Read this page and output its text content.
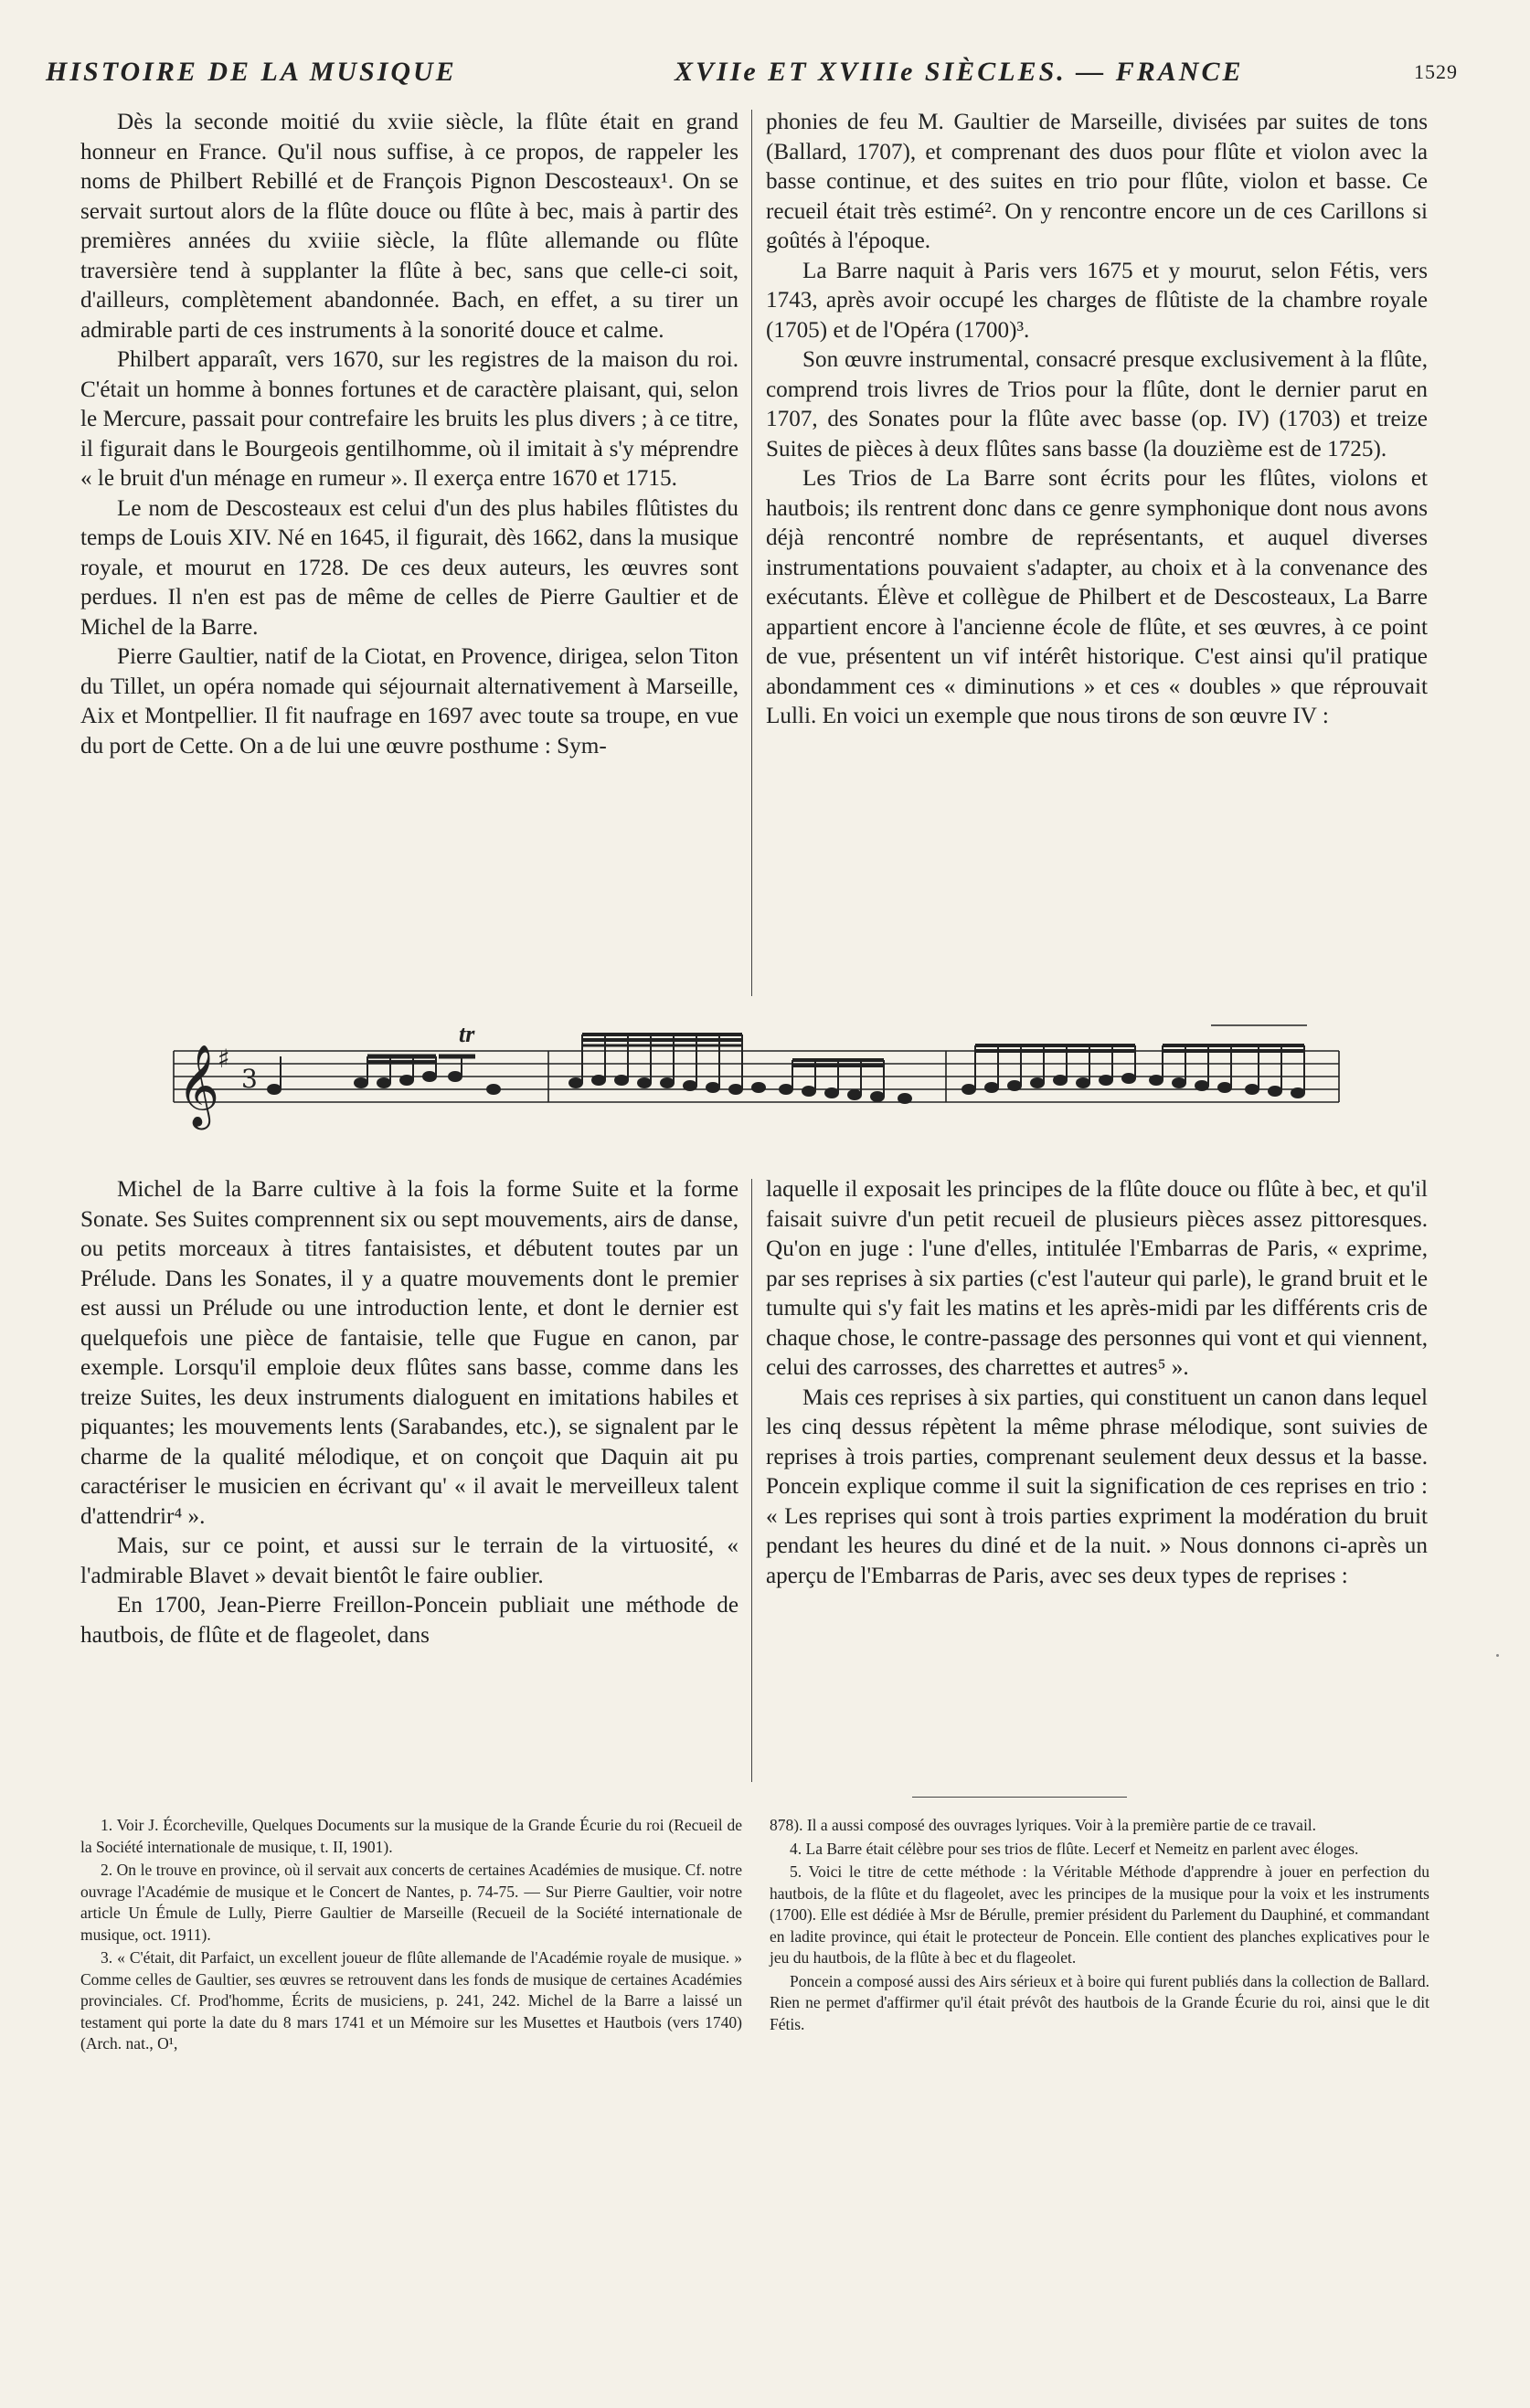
HISTOIRE DE LA MUSIQUE	XVIIe ET XVIIIe SIÈCLES. — FRANCE	1529

Dès la seconde moitié du xviie siècle, la flûte était en grand honneur en France. Qu'il nous suffise, à ce propos, de rappeler les noms de Philbert Rebillé et de François Pignon Descosteaux¹. On se servait surtout alors de la flûte douce ou flûte à bec, mais à partir des premières années du xviiie siècle, la flûte allemande ou flûte traversière tend à supplanter la flûte à bec, sans que celle-ci soit, d'ailleurs, complètement abandonnée. Bach, en effet, a su tirer un admirable parti de ces instruments à la sonorité douce et calme.

Philbert apparaît, vers 1670, sur les registres de la maison du roi. C'était un homme à bonnes fortunes et de caractère plaisant, qui, selon le Mercure, passait pour contrefaire les bruits les plus divers ; à ce titre, il figurait dans le Bourgeois gentilhomme, où il imitait à s'y méprendre « le bruit d'un ménage en rumeur ». Il exerça entre 1670 et 1715.

Le nom de Descosteaux est celui d'un des plus habiles flûtistes du temps de Louis XIV. Né en 1645, il figurait, dès 1662, dans la musique royale, et mourut en 1728. De ces deux auteurs, les œuvres sont perdues. Il n'en est pas de même de celles de Pierre Gaultier et de Michel de la Barre.

Pierre Gaultier, natif de la Ciotat, en Provence, dirigea, selon Titon du Tillet, un opéra nomade qui séjournait alternativement à Marseille, Aix et Montpellier. Il fit naufrage en 1697 avec toute sa troupe, en vue du port de Cette. On a de lui une œuvre posthume : Sym-

phonies de feu M. Gaultier de Marseille, divisées par suites de tons (Ballard, 1707), et comprenant des duos pour flûte et violon avec la basse continue, et des suites en trio pour flûte, violon et basse. Ce recueil était très estimé². On y rencontre encore un de ces Carillons si goûtés à l'époque.

La Barre naquit à Paris vers 1675 et y mourut, selon Fétis, vers 1743, après avoir occupé les charges de flûtiste de la chambre royale (1705) et de l'Opéra (1700)³.

Son œuvre instrumental, consacré presque exclusivement à la flûte, comprend trois livres de Trios pour la flûte, dont le dernier parut en 1707, des Sonates pour la flûte avec basse (op. IV) (1703) et treize Suites de pièces à deux flûtes sans basse (la douzième est de 1725).

Les Trios de La Barre sont écrits pour les flûtes, violons et hautbois; ils rentrent donc dans ce genre symphonique dont nous avons déjà rencontré nombre de représentants, et auquel diverses instrumentations pouvaient s'adapter, au choix et à la convenance des exécutants. Élève et collègue de Philbert et de Descosteaux, La Barre appartient encore à l'ancienne école de flûte, et ses œuvres, à ce point de vue, présentent un vif intérêt historique. C'est ainsi qu'il pratique abondamment ces « diminutions » et ces « doubles » que réprouvait Lulli. En voici un exemple que nous tirons de son œuvre IV :

𝄞
♯
3
tr

Michel de la Barre cultive à la fois la forme Suite et la forme Sonate. Ses Suites comprennent six ou sept mouvements, airs de danse, ou petits morceaux à titres fantaisistes, et débutent toutes par un Prélude. Dans les Sonates, il y a quatre mouvements dont le premier est aussi un Prélude ou une introduction lente, et dont le dernier est quelquefois une pièce de fantaisie, telle que Fugue en canon, par exemple. Lorsqu'il emploie deux flûtes sans basse, comme dans les treize Suites, les deux instruments dialoguent en imitations habiles et piquantes; les mouvements lents (Sarabandes, etc.), se signalent par le charme de la qualité mélodique, et on conçoit que Daquin ait pu caractériser le musicien en écrivant qu' « il avait le merveilleux talent d'attendrir⁴ ».

Mais, sur ce point, et aussi sur le terrain de la virtuosité, « l'admirable Blavet » devait bientôt le faire oublier.

En 1700, Jean-Pierre Freillon-Poncein publiait une méthode de hautbois, de flûte et de flageolet, dans

laquelle il exposait les principes de la flûte douce ou flûte à bec, et qu'il faisait suivre d'un petit recueil de plusieurs pièces assez pittoresques. Qu'on en juge : l'une d'elles, intitulée l'Embarras de Paris, « exprime, par ses reprises à six parties (c'est l'auteur qui parle), le grand bruit et le tumulte qui s'y fait les matins et les après-midi par les différents cris de chaque chose, le contre-passage des personnes qui vont et qui viennent, celui des carrosses, des charrettes et autres⁵ ».

Mais ces reprises à six parties, qui constituent un canon dans lequel les cinq dessus répètent la même phrase mélodique, sont suivies de reprises à trois parties, comprenant seulement deux dessus et la basse. Poncein explique comme il suit la signification de ces reprises en trio : « Les reprises qui sont à trois parties expriment la modération du bruit pendant les heures du diné et de la nuit. » Nous donnons ci-après un aperçu de l'Embarras de Paris, avec ses deux types de reprises :

1. Voir J. Écorcheville, Quelques Documents sur la musique de la Grande Écurie du roi (Recueil de la Société internationale de musique, t. II, 1901).

2. On le trouve en province, où il servait aux concerts de certaines Académies de musique. Cf. notre ouvrage l'Académie de musique et le Concert de Nantes, p. 74-75. — Sur Pierre Gaultier, voir notre article Un Émule de Lully, Pierre Gaultier de Marseille (Recueil de la Société internationale de musique, oct. 1911).

3. « C'était, dit Parfaict, un excellent joueur de flûte allemande de l'Académie royale de musique. » Comme celles de Gaultier, ses œuvres se retrouvent dans les fonds de musique de certaines Académies provinciales. Cf. Prod'homme, Écrits de musiciens, p. 241, 242. Michel de la Barre a laissé un testament qui porte la date du 8 mars 1741 et un Mémoire sur les Musettes et Hautbois (vers 1740) (Arch. nat., O¹,

878). Il a aussi composé des ouvrages lyriques. Voir à la première partie de ce travail.

4. La Barre était célèbre pour ses trios de flûte. Lecerf et Nemeitz en parlent avec éloges.

5. Voici le titre de cette méthode : la Véritable Méthode d'apprendre à jouer en perfection du hautbois, de la flûte et du flageolet, avec les principes de la musique pour la voix et les instruments (1700). Elle est dédiée à Msr de Bérulle, premier président du Parlement du Dauphiné, et commandant en ladite province, qui était le protecteur de Poncein. Elle contient des planches explicatives pour le jeu du hautbois, de la flûte à bec et du flageolet.

Poncein a composé aussi des Airs sérieux et à boire qui furent publiés dans la collection de Ballard. Rien ne permet d'affirmer qu'il était prévôt des hautbois de la Grande Écurie du roi, ainsi que le dit Fétis.
